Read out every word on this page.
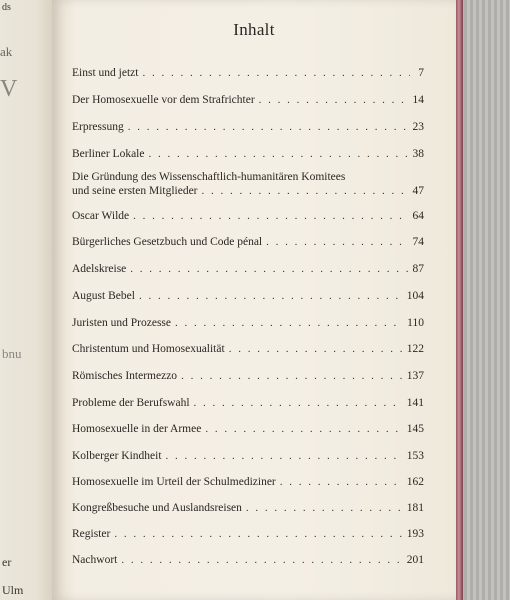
ds
ak
V
bnu
er
Ulm
Inhalt
Einst und jetzt . . .	7
Der Homosexuelle vor dem Strafrichter . . .	14
Erpressung . . .	23
Berliner Lokale . . .	38
Die Gründung des Wissenschaftlich-humanitären Komitees
und seine ersten Mitglieder . . .	47
Oscar Wilde . . .	64
Bürgerliches Gesetzbuch und Code pénal . . .	74
Adelskreise . . .	87
August Bebel . . .	104
Juristen und Prozesse . . .	110
Christentum und Homosexualität . . .	122
Römisches Intermezzo . . .	137
Probleme der Berufswahl . . .	141
Homosexuelle in der Armee . . .	145
Kolberger Kindheit . . .	153
Homosexuelle im Urteil der Schulmediziner . . .	162
Kongreßbesuche und Auslandsreisen . . .	181
Register . . .	193
Nachwort . . .	201
